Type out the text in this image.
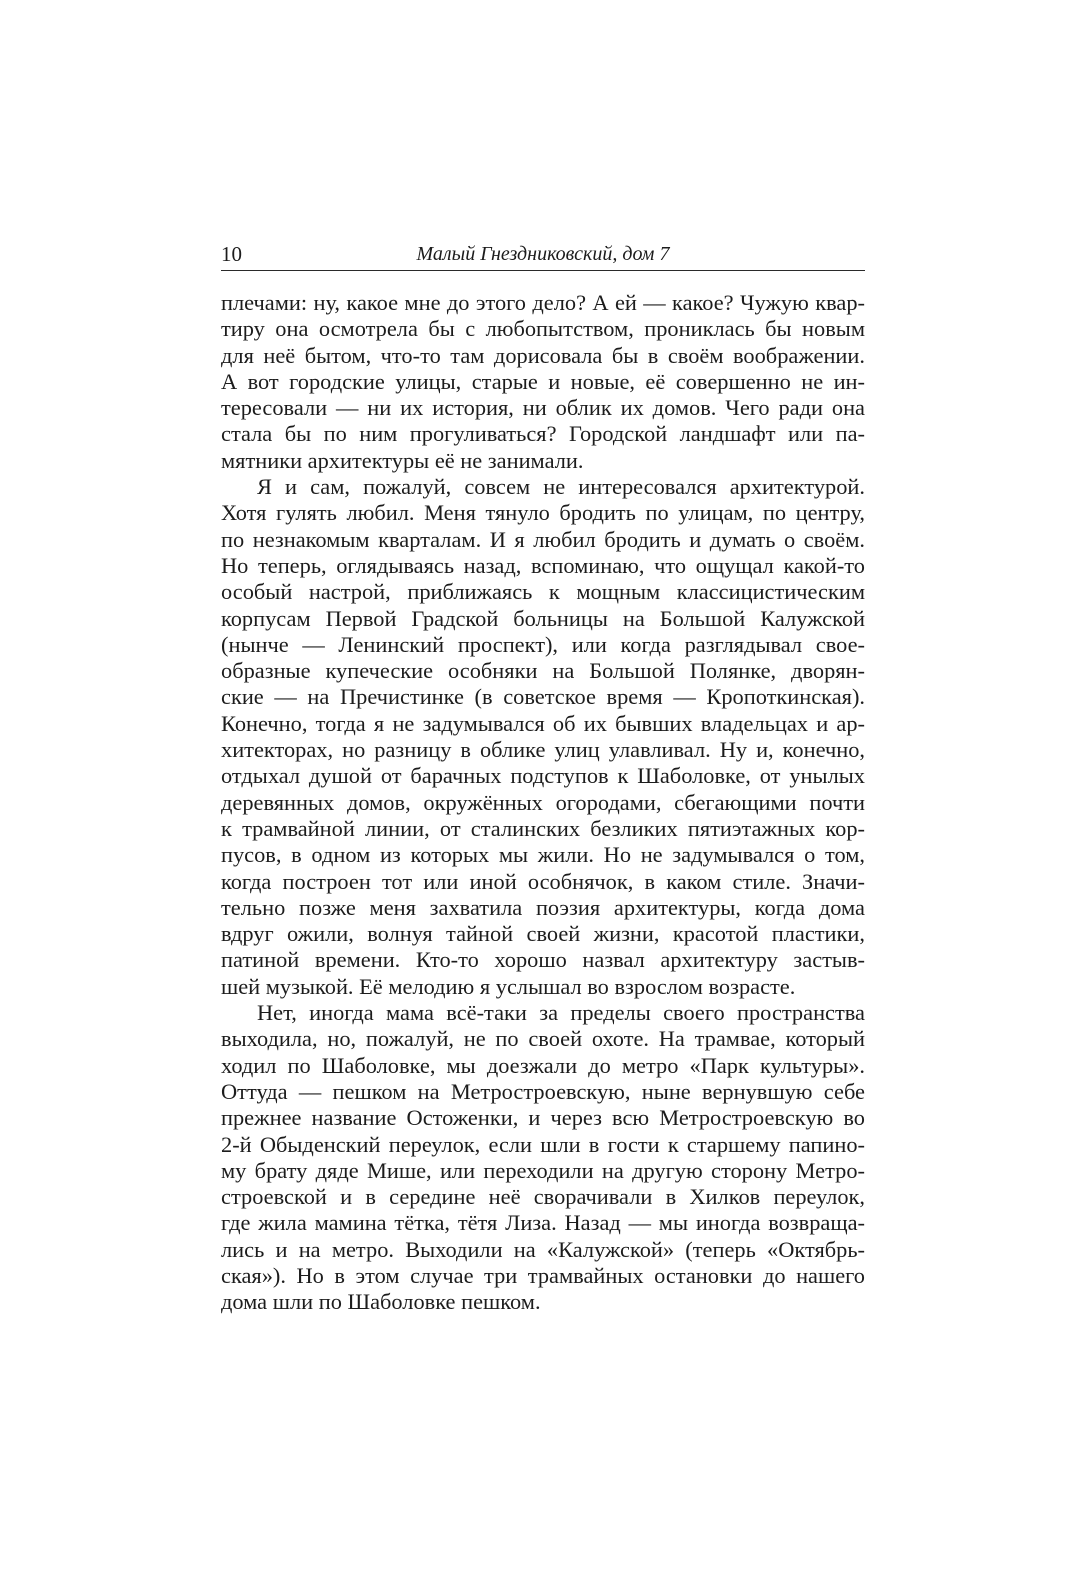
10	Малый Гнездниковский, дом 7
плечами: ну, какое мне до этого дело? А ей — какое? Чужую квар-
тиру она осмотрела бы с любопытством, прониклась бы новым
для неё бытом, что-то там дорисовала бы в своём воображении.
А вот городские улицы, старые и новые, её совершенно не ин-
тересовали — ни их история, ни облик их домов. Чего ради она
стала бы по ним прогуливаться? Городской ландшафт или па-
мятники архитектуры её не занимали.
Я и сам, пожалуй, совсем не интересовался архитектурой.
Хотя гулять любил. Меня тянуло бродить по улицам, по центру,
по незнакомым кварталам. И я любил бродить и думать о своём.
Но теперь, оглядываясь назад, вспоминаю, что ощущал какой-то
особый настрой, приближаясь к мощным классицистическим
корпусам Первой Градской больницы на Большой Калужской
(нынче — Ленинский проспект), или когда разглядывал свое-
образные купеческие особняки на Большой Полянке, дворян-
ские — на Пречистинке (в советское время — Кропоткинская).
Конечно, тогда я не задумывался об их бывших владельцах и ар-
хитекторах, но разницу в облике улиц улавливал. Ну и, конечно,
отдыхал душой от барачных подступов к Шаболовке, от унылых
деревянных домов, окружённых огородами, сбегающими почти
к трамвайной линии, от сталинских безликих пятиэтажных кор-
пусов, в одном из которых мы жили. Но не задумывался о том,
когда построен тот или иной особнячок, в каком стиле. Значи-
тельно позже меня захватила поэзия архитектуры, когда дома
вдруг ожили, волнуя тайной своей жизни, красотой пластики,
патиной времени. Кто-то хорошо назвал архитектуру застыв-
шей музыкой. Её мелодию я услышал во взрослом возрасте.
Нет, иногда мама всё-таки за пределы своего пространства
выходила, но, пожалуй, не по своей охоте. На трамвае, который
ходил по Шаболовке, мы доезжали до метро «Парк культуры».
Оттуда — пешком на Метростроевскую, ныне вернувшую себе
прежнее название Остоженки, и через всю Метростроевскую во
2-й Обыденский переулок, если шли в гости к старшему папино-
му брату дяде Мише, или переходили на другую сторону Метро-
строевской и в середине неё сворачивали в Хилков переулок,
где жила мамина тётка, тётя Лиза. Назад — мы иногда возвраща-
лись и на метро. Выходили на «Калужской» (теперь «Октябрь-
ская»). Но в этом случае три трамвайных остановки до нашего
дома шли по Шаболовке пешком.
